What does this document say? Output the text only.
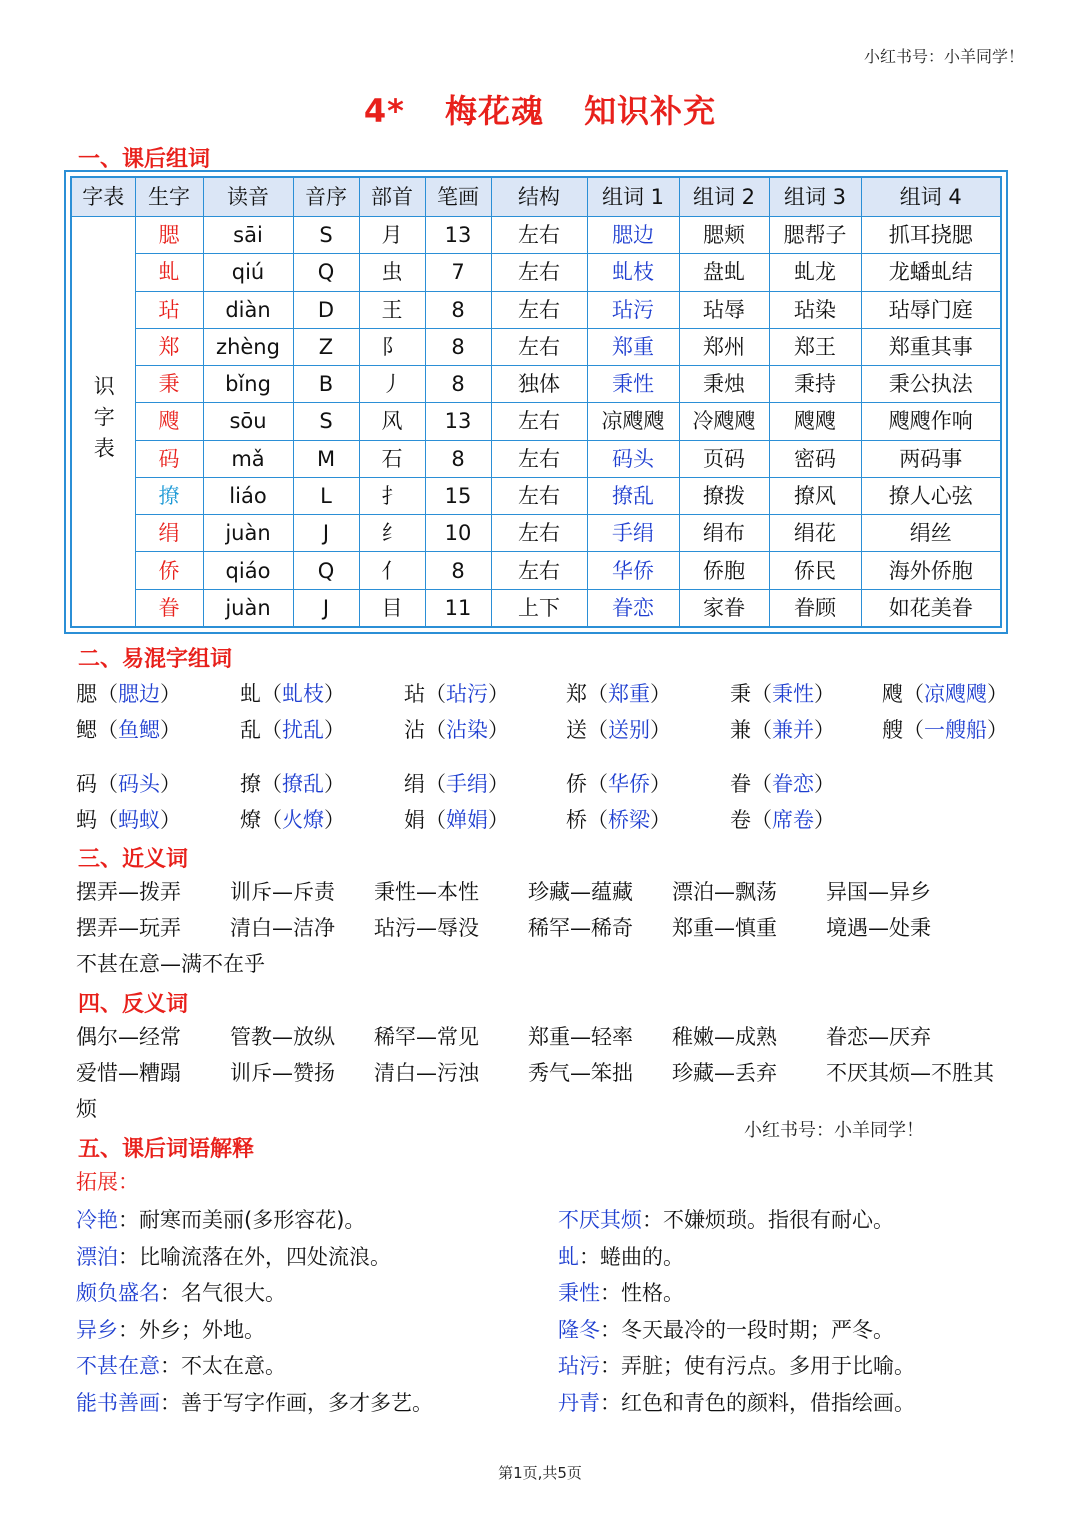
小红书号：小羊同学！
4* 梅花魂 知识补充
一、课后组词
字表	生字	读音	音序	部首	笔画	结构	组词 1	组词 2	组词 3	组词 4
识字表	腮	sāi	S	月	13	左右	腮边	腮颊	腮帮子	抓耳挠腮
	虬	qiú	Q	虫	7	左右	虬枝	盘虬	虬龙	龙蟠虬结
	玷	diàn	D	王	8	左右	玷污	玷辱	玷染	玷辱门庭
	郑	zhèng	Z	阝	8	左右	郑重	郑州	郑王	郑重其事
	秉	bǐng	B	丿	8	独体	秉性	秉烛	秉持	秉公执法
	飕	sōu	S	风	13	左右	凉飕飕	冷飕飕	飕飕	飕飕作响
	码	mǎ	M	石	8	左右	码头	页码	密码	两码事
	撩	liáo	L	扌	15	左右	撩乱	撩拨	撩风	撩人心弦
	绢	juàn	J	纟	10	左右	手绢	绢布	绢花	绢丝
	侨	qiáo	Q	亻	8	左右	华侨	侨胞	侨民	海外侨胞
	眷	juàn	J	目	11	上下	眷恋	家眷	眷顾	如花美眷
二、易混字组词
腮（腮边）	虬（虬枝）	玷（玷污）	郑（郑重）	秉（秉性） 飕（凉飕飕）
鳃（鱼鳃）	乱（扰乱）	沾（沾染）	送（送别）	兼（兼并） 艘（一艘船）
码（码头）	撩（撩乱）	绢（手绢）	侨（华侨）	眷（眷恋）
蚂（蚂蚁）	燎（火燎）	娟（婵娟）	桥（桥梁）	卷（席卷）
三、近义词
摆弄—拨弄 训斥—斥责 秉性—本性 珍藏—蕴藏 漂泊—飘荡 异国—异乡
摆弄—玩弄 清白—洁净 玷污—辱没 稀罕—稀奇 郑重—慎重 境遇—处秉
不甚在意—满不在乎
四、反义词
偶尔—经常 管教—放纵 稀罕—常见 郑重—轻率 稚嫩—成熟 眷恋—厌弃
爱惜—糟蹋 训斥—赞扬 清白—污浊 秀气—笨拙 珍藏—丢弃 不厌其烦—不胜其
烦
小红书号：小羊同学！
五、课后词语解释
拓展：
冷艳：耐寒而美丽(多形容花)。
漂泊：比喻流落在外，四处流浪。
颇负盛名：名气很大。
异乡：外乡；外地。
不甚在意：不太在意。
能书善画：善于写字作画，多才多艺。
不厌其烦：不嫌烦琐。指很有耐心。
虬：蜷曲的。
秉性：性格。
隆冬：冬天最冷的一段时期；严冬。
玷污：弄脏；使有污点。多用于比喻。
丹青：红色和青色的颜料，借指绘画。
第1页,共5页
